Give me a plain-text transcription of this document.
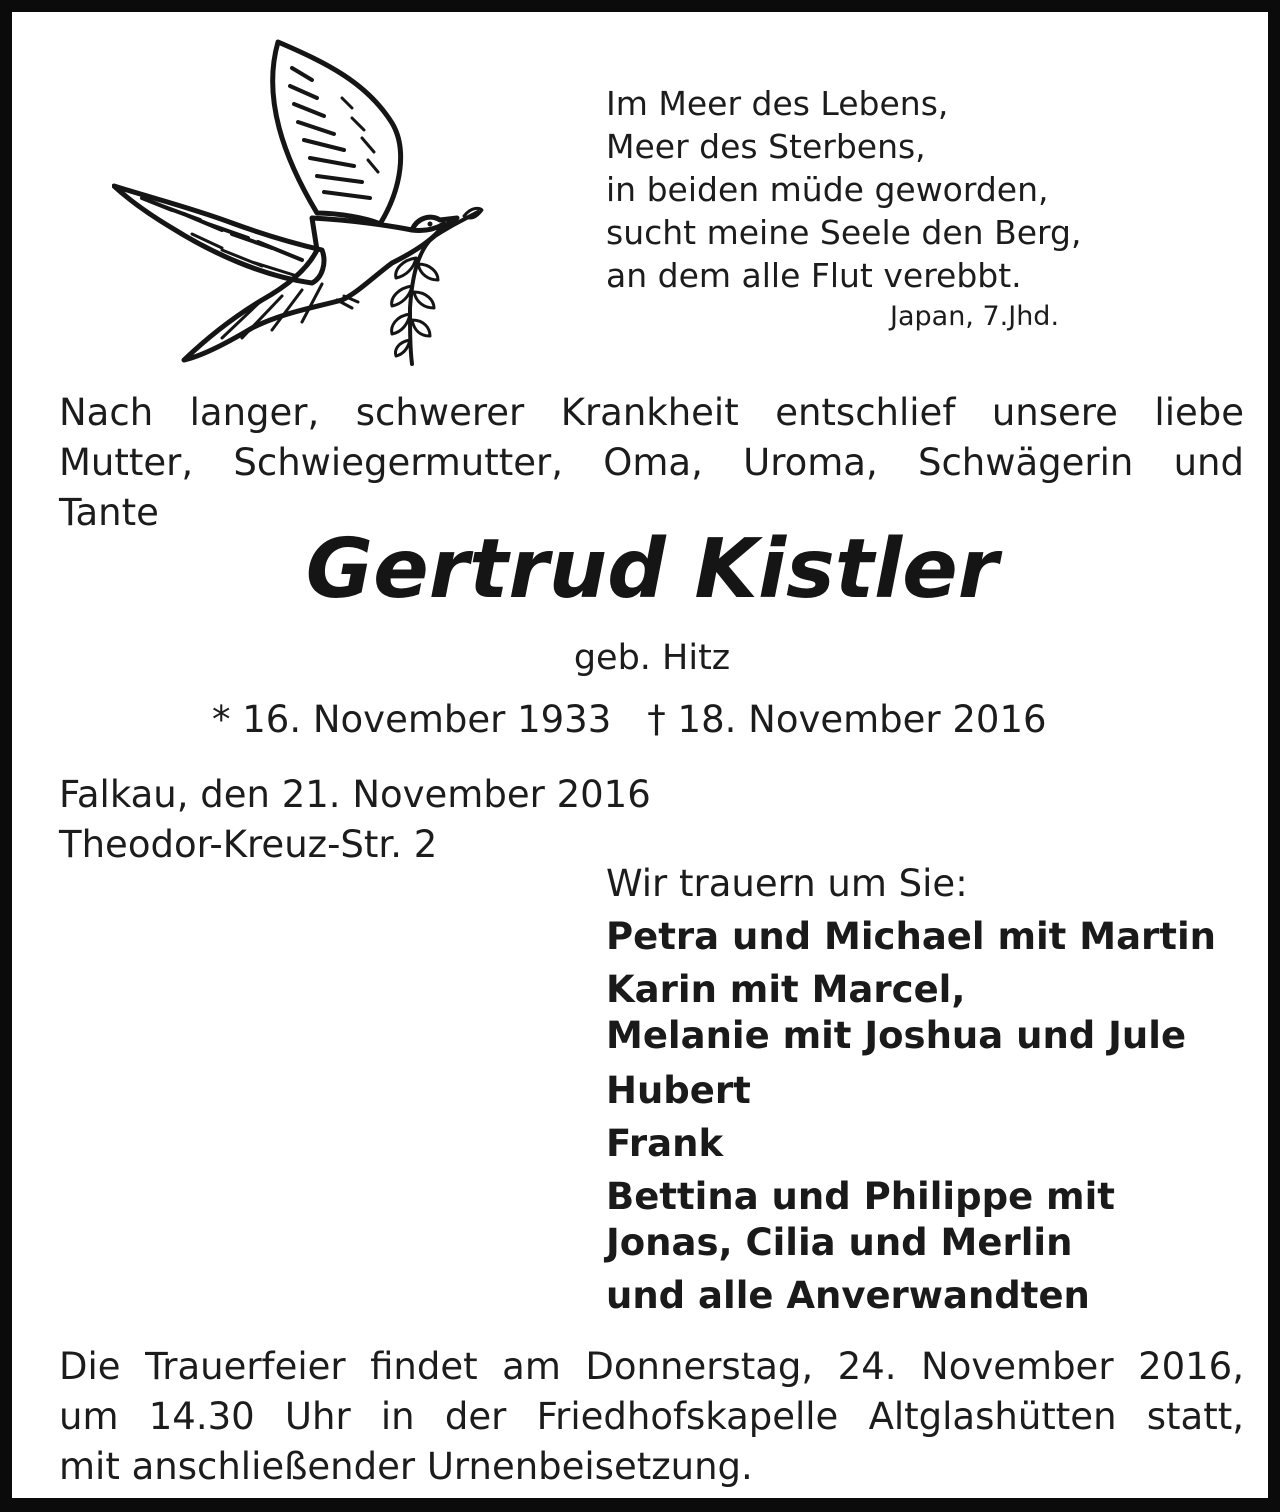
Im Meer des Lebens,
Meer des Sterbens,
in beiden müde geworden,
sucht meine Seele den Berg,
an dem alle Flut verebbt.
Japan, 7.Jhd.
Nach langer, schwerer Krankheit entschlief unsere liebe
Mutter, Schwiegermutter, Oma, Uroma, Schwägerin und
Tante
Gertrud Kistler
geb. Hitz
* 16. November 1933 † 18. November 2016
Falkau, den 21. November 2016
Theodor-Kreuz-Str. 2
Wir trauern um Sie:
Petra und Michael mit Martin
Karin mit Marcel,
Melanie mit Joshua und Jule
Hubert
Frank
Bettina und Philippe mit
Jonas, Cilia und Merlin
und alle Anverwandten
Die Trauerfeier findet am Donnerstag, 24. November 2016,
um 14.30 Uhr in der Friedhofskapelle Altglashütten statt,
mit anschließender Urnenbeisetzung.
